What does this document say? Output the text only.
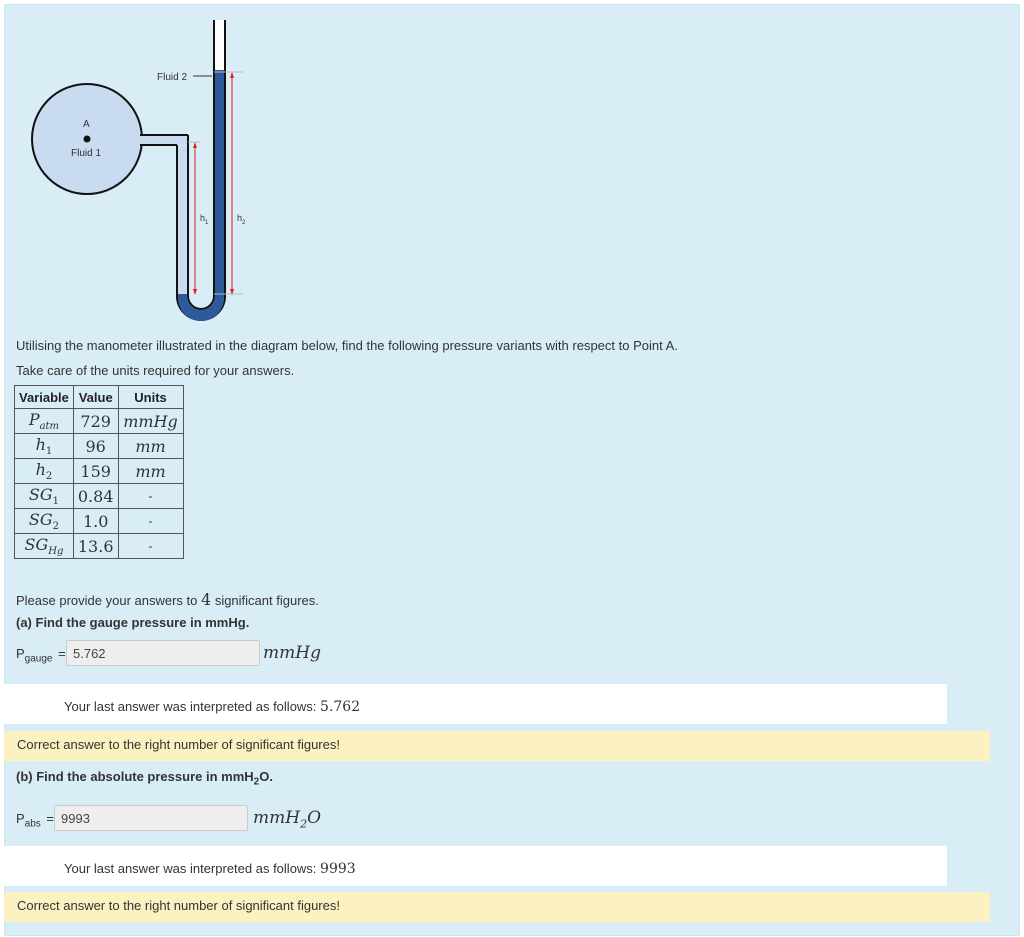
A
Fluid 1
Fluid 2
$h_1$	$h_2$
Utilising the manometer illustrated in the diagram below, find the following pressure variants with respect to Point A.
Take care of the units required for your answers.
Variable	Value	Units
$P_{atm}$	729	mmHg
$h_1$	96	mm
$h_2$	159	mm
$SG_1$	0.84	-
$SG_2$	1.0	-
$SG_{Hg}$	13.6	-
Please provide your answers to 4 significant figures.
(a) Find the gauge pressure in mmHg.
$P_{gauge} = 5.762$	mmHg
Your last answer was interpreted as follows: 5.762
Correct answer to the right number of significant figures!
(b) Find the absolute pressure in mmH$_2$O.
$P_{abs} = 9993$	mmH$_2$O
Your last answer was interpreted as follows: 9993
Correct answer to the right number of significant figures!
